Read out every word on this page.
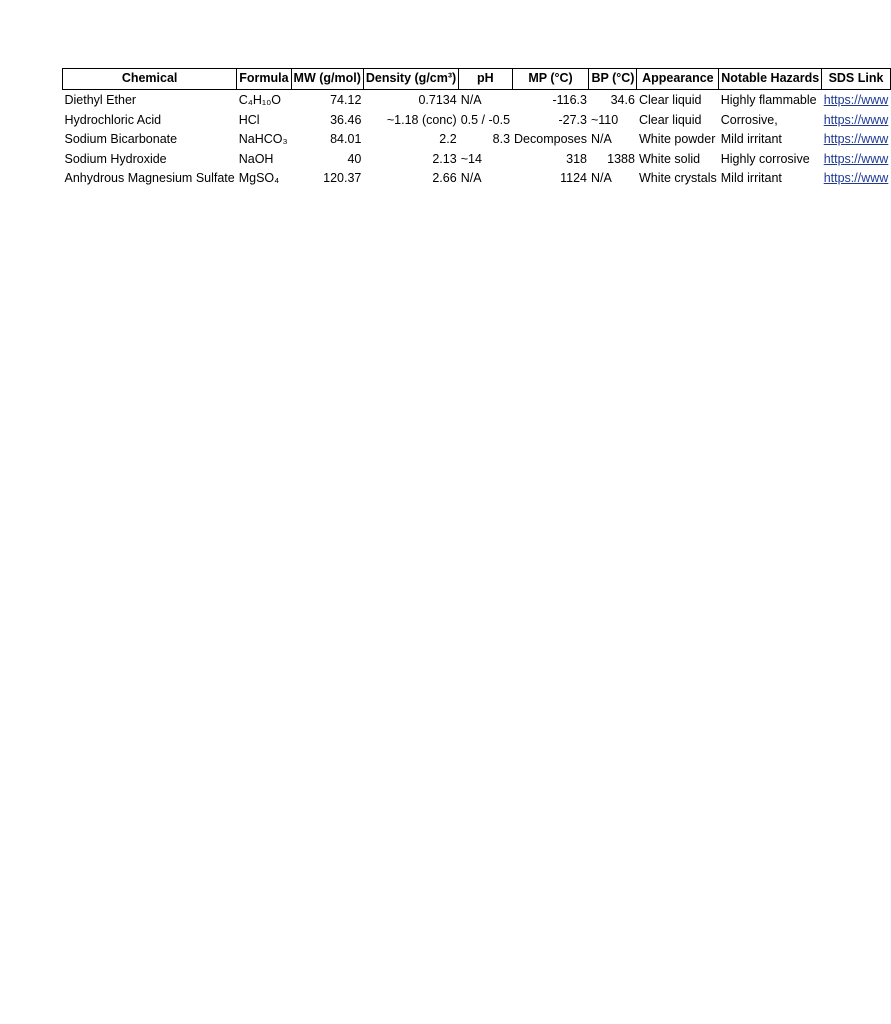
Chemical	Formula	MW (g/mol)	Density (g/cm³)	pH	MP (°C)	BP (°C)	Appearance	Notable Hazards	SDS Link
Diethyl Ether	C₄H₁₀O	74.12	0.7134	N/A	-116.3	34.6	Clear liquid	Highly flammable	https://www
Hydrochloric Acid	HCl	36.46	~1.18 (conc)	0.5 / -0.5	-27.3	~110	Clear liquid	Corrosive,	https://www
Sodium Bicarbonate	NaHCO₃	84.01	2.2	8.3	Decomposes	N/A	White powder	Mild irritant	https://www
Sodium Hydroxide	NaOH	40	2.13	~14	318	1388	White solid	Highly corrosive	https://www
Anhydrous Magnesium Sulfate	MgSO₄	120.37	2.66	N/A	1124	N/A	White crystals	Mild irritant	https://www
